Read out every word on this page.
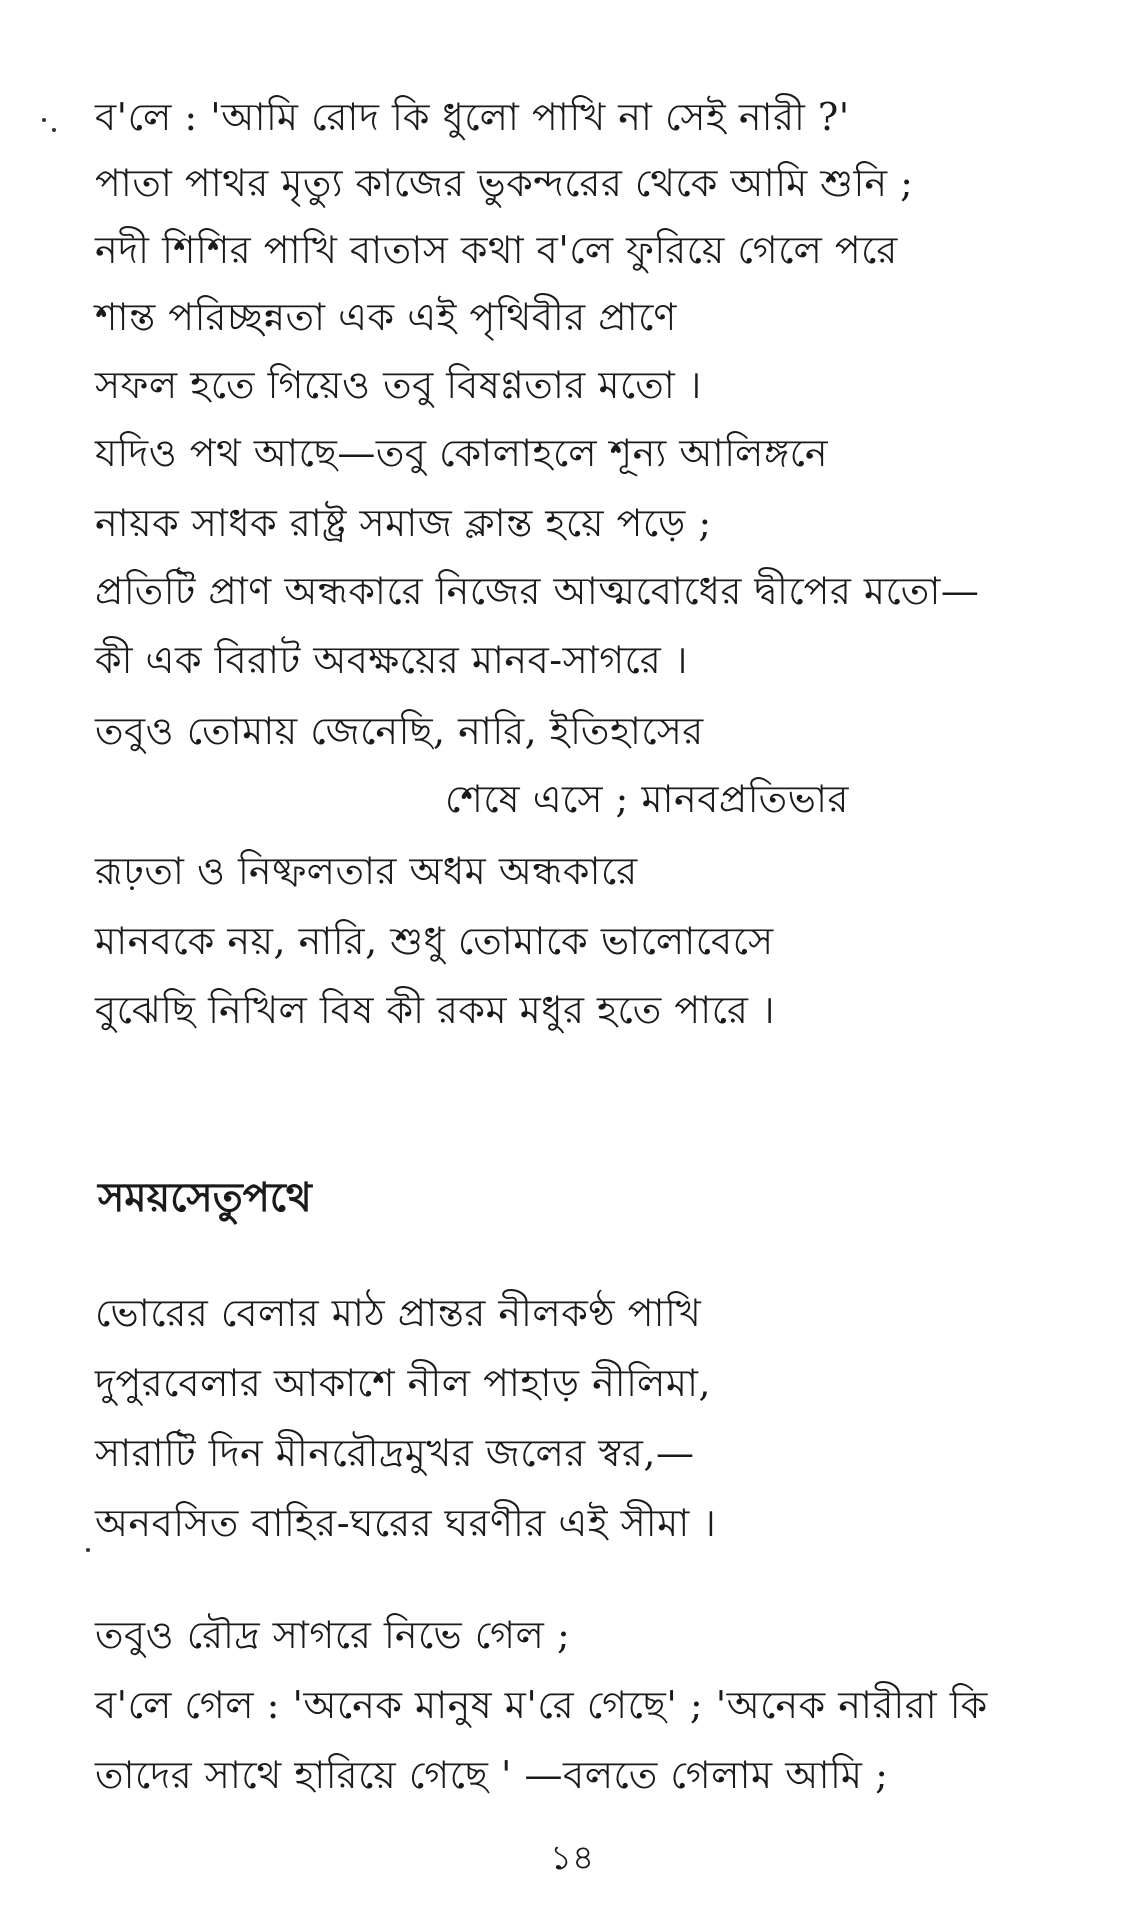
ব'লে : 'আমি রোদ কি ধুলো পাখি না সেই নারী ?'
পাতা পাথর মৃত্যু কাজের ভুকন্দরের থেকে আমি শুনি ;
নদী শিশির পাখি বাতাস কথা ব'লে ফুরিয়ে গেলে পরে
শান্ত পরিচ্ছন্নতা এক এই পৃথিবীর প্রাণে
সফল হতে গিয়েও তবু বিষণ্ণতার মতো ।
যদিও পথ আছে—তবু কোলাহলে শূন্য আলিঙ্গনে
নায়ক সাধক রাষ্ট্র সমাজ ক্লান্ত হয়ে পড়ে ;
প্রতিটি প্রাণ অন্ধকারে নিজের আত্মবোধের দ্বীপের মতো—
কী এক বিরাট অবক্ষয়ের মানব-সাগরে ।
তবুও তোমায় জেনেছি, নারি, ইতিহাসের
শেষে এসে ; মানবপ্রতিভার
রূঢ়তা ও নিষ্ফলতার অধম অন্ধকারে
মানবকে নয়, নারি, শুধু তোমাকে ভালোবেসে
বুঝেছি নিখিল বিষ কী রকম মধুর হতে পারে ।
সময়সেতুপথে
ভোরের বেলার মাঠ প্রান্তর নীলকণ্ঠ পাখি
দুপুরবেলার আকাশে নীল পাহাড় নীলিমা,
সারাটি দিন মীনরৌদ্রমুখর জলের স্বর,—
অনবসিত বাহির-ঘরের ঘরণীর এই সীমা ।
তবুও রৌদ্র সাগরে নিভে গেল ;
ব'লে গেল : 'অনেক মানুষ ম'রে গেছে' ; 'অনেক নারীরা কি
তাদের সাথে হারিয়ে গেছে ' —বলতে গেলাম আমি ;
১৪
